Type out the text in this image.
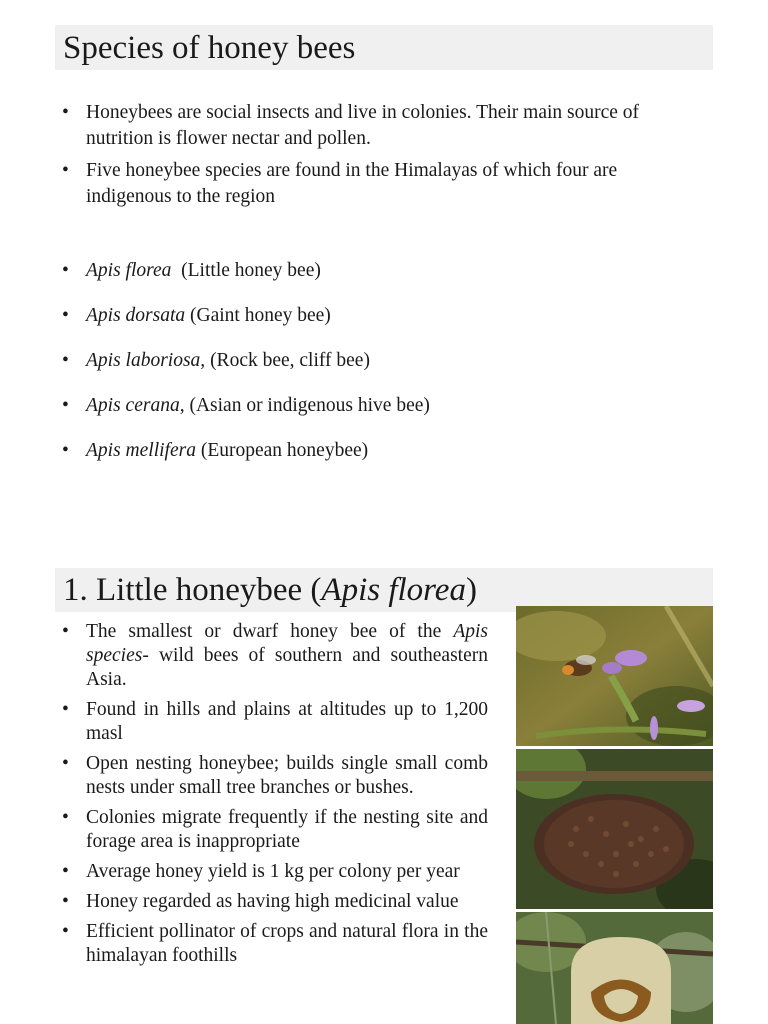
Species of honey bees
• Honeybees are social insects and live in colonies. Their main source of nutrition is flower nectar and pollen.
• Five honeybee species are found in the Himalayas of which four are indigenous to the region
• Apis florea  (Little honey bee)
• Apis dorsata (Gaint honey bee)
• Apis laboriosa, (Rock bee, cliff bee)
• Apis cerana, (Asian or indigenous hive bee)
• Apis mellifera (European honeybee)
1. Little honeybee (Apis florea)
• The smallest or dwarf honey bee of the Apis species- wild bees of southern and southeastern Asia.
• Found in hills and plains at altitudes up to 1,200 masl
• Open nesting honeybee; builds single small comb nests under small tree branches or bushes.
• Colonies migrate frequently if the nesting site and forage area is inappropriate
• Average honey yield is 1 kg per colony per year
• Honey regarded as having high medicinal value
• Efficient pollinator of crops and natural flora in the himalayan foothills
